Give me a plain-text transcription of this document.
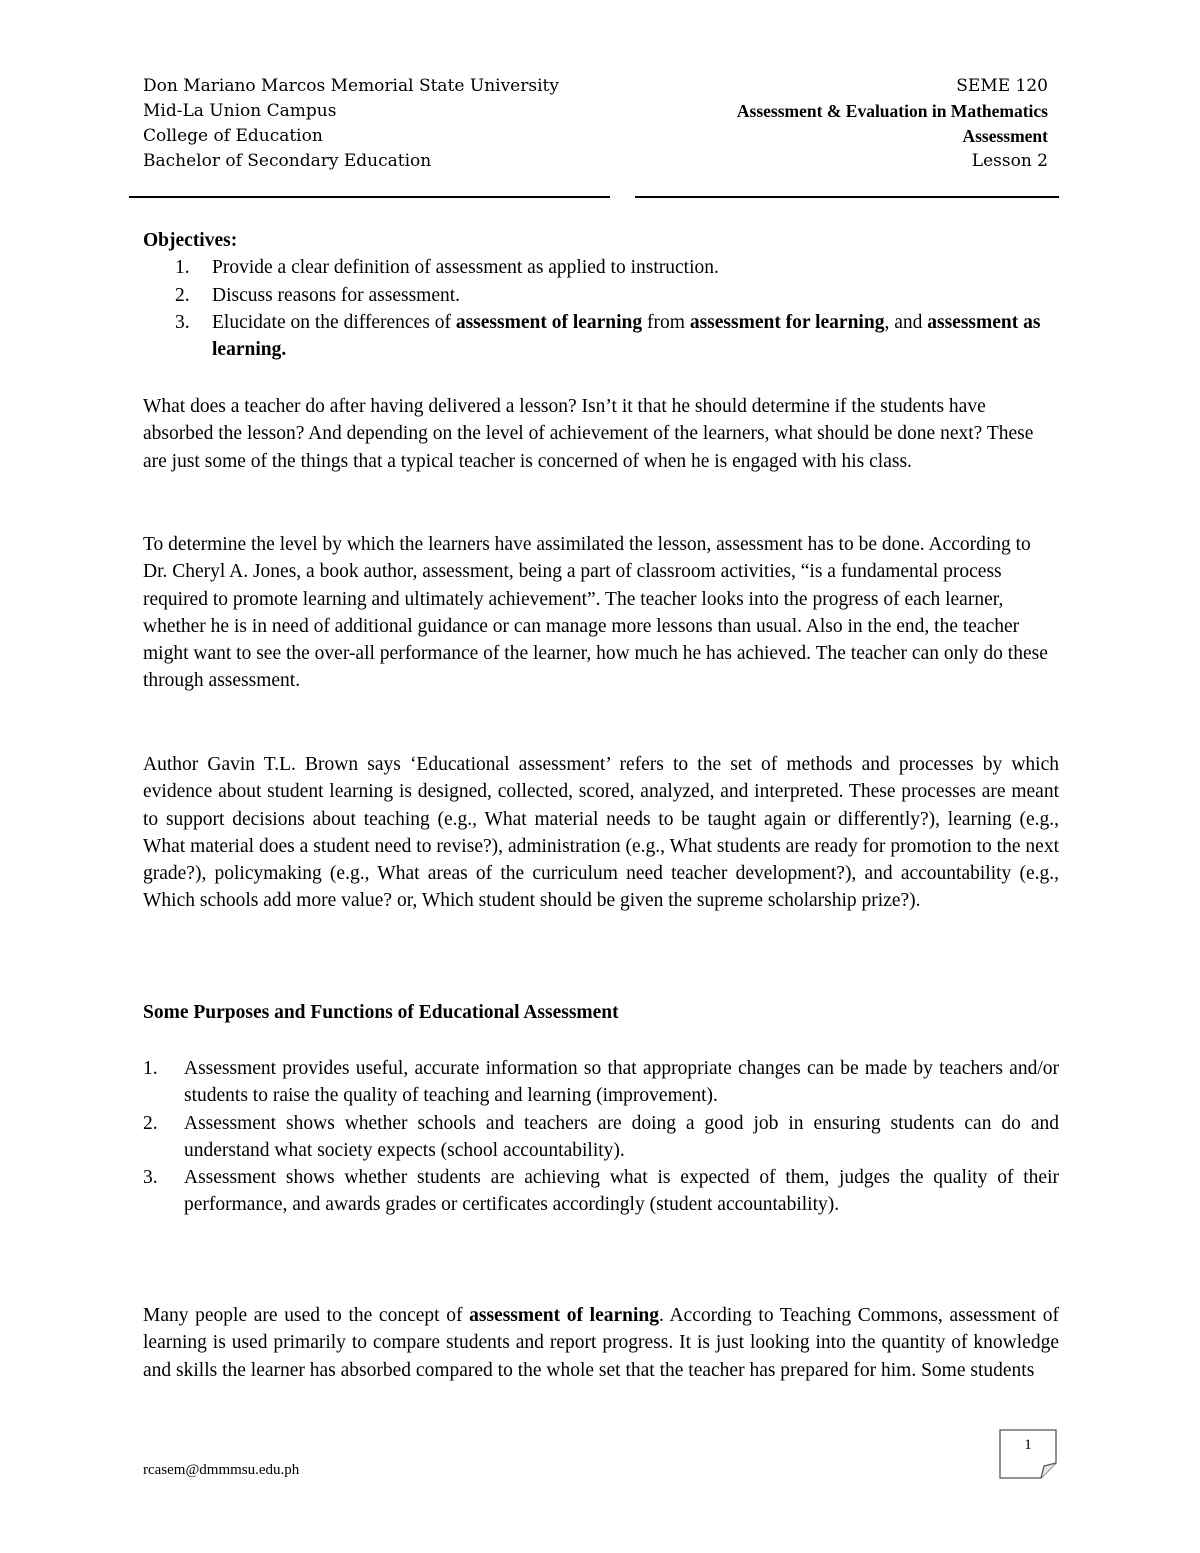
Don Mariano Marcos Memorial State University
Mid-La Union Campus
College of Education
Bachelor of Secondary Education
SEME 120
Assessment & Evaluation in Mathematics
Assessment
Lesson 2
Objectives:
1. Provide a clear definition of assessment as applied to instruction.
2. Discuss reasons for assessment.
3. Elucidate on the differences of assessment of learning from assessment for learning, and assessment as learning.

What does a teacher do after having delivered a lesson? Isn’t it that he should determine if the students have absorbed the lesson? And depending on the level of achievement of the learners, what should be done next? These are just some of the things that a typical teacher is concerned of when he is engaged with his class.

To determine the level by which the learners have assimilated the lesson, assessment has to be done. According to Dr. Cheryl A. Jones, a book author, assessment, being a part of classroom activities, “is a fundamental process required to promote learning and ultimately achievement”. The teacher looks into the progress of each learner, whether he is in need of additional guidance or can manage more lessons than usual. Also in the end, the teacher might want to see the over-all performance of the learner, how much he has achieved. The teacher can only do these through assessment.

Author Gavin T.L. Brown says ‘Educational assessment’ refers to the set of methods and processes by which evidence about student learning is designed, collected, scored, analyzed, and interpreted. These processes are meant to support decisions about teaching (e.g., What material needs to be taught again or differently?), learning (e.g., What material does a student need to revise?), administration (e.g., What students are ready for promotion to the next grade?), policymaking (e.g., What areas of the curriculum need teacher development?), and accountability (e.g., Which schools add more value? or, Which student should be given the supreme scholarship prize?).

Some Purposes and Functions of Educational Assessment
1. Assessment provides useful, accurate information so that appropriate changes can be made by teachers and/or students to raise the quality of teaching and learning (improvement).
2. Assessment shows whether schools and teachers are doing a good job in ensuring students can do and understand what society expects (school accountability).
3. Assessment shows whether students are achieving what is expected of them, judges the quality of their performance, and awards grades or certificates accordingly (student accountability).

Many people are used to the concept of assessment of learning. According to Teaching Commons, assessment of learning is used primarily to compare students and report progress. It is just looking into the quantity of knowledge and skills the learner has absorbed compared to the whole set that the teacher has prepared for him. Some students

rcasem@dmmmsu.edu.ph
1
